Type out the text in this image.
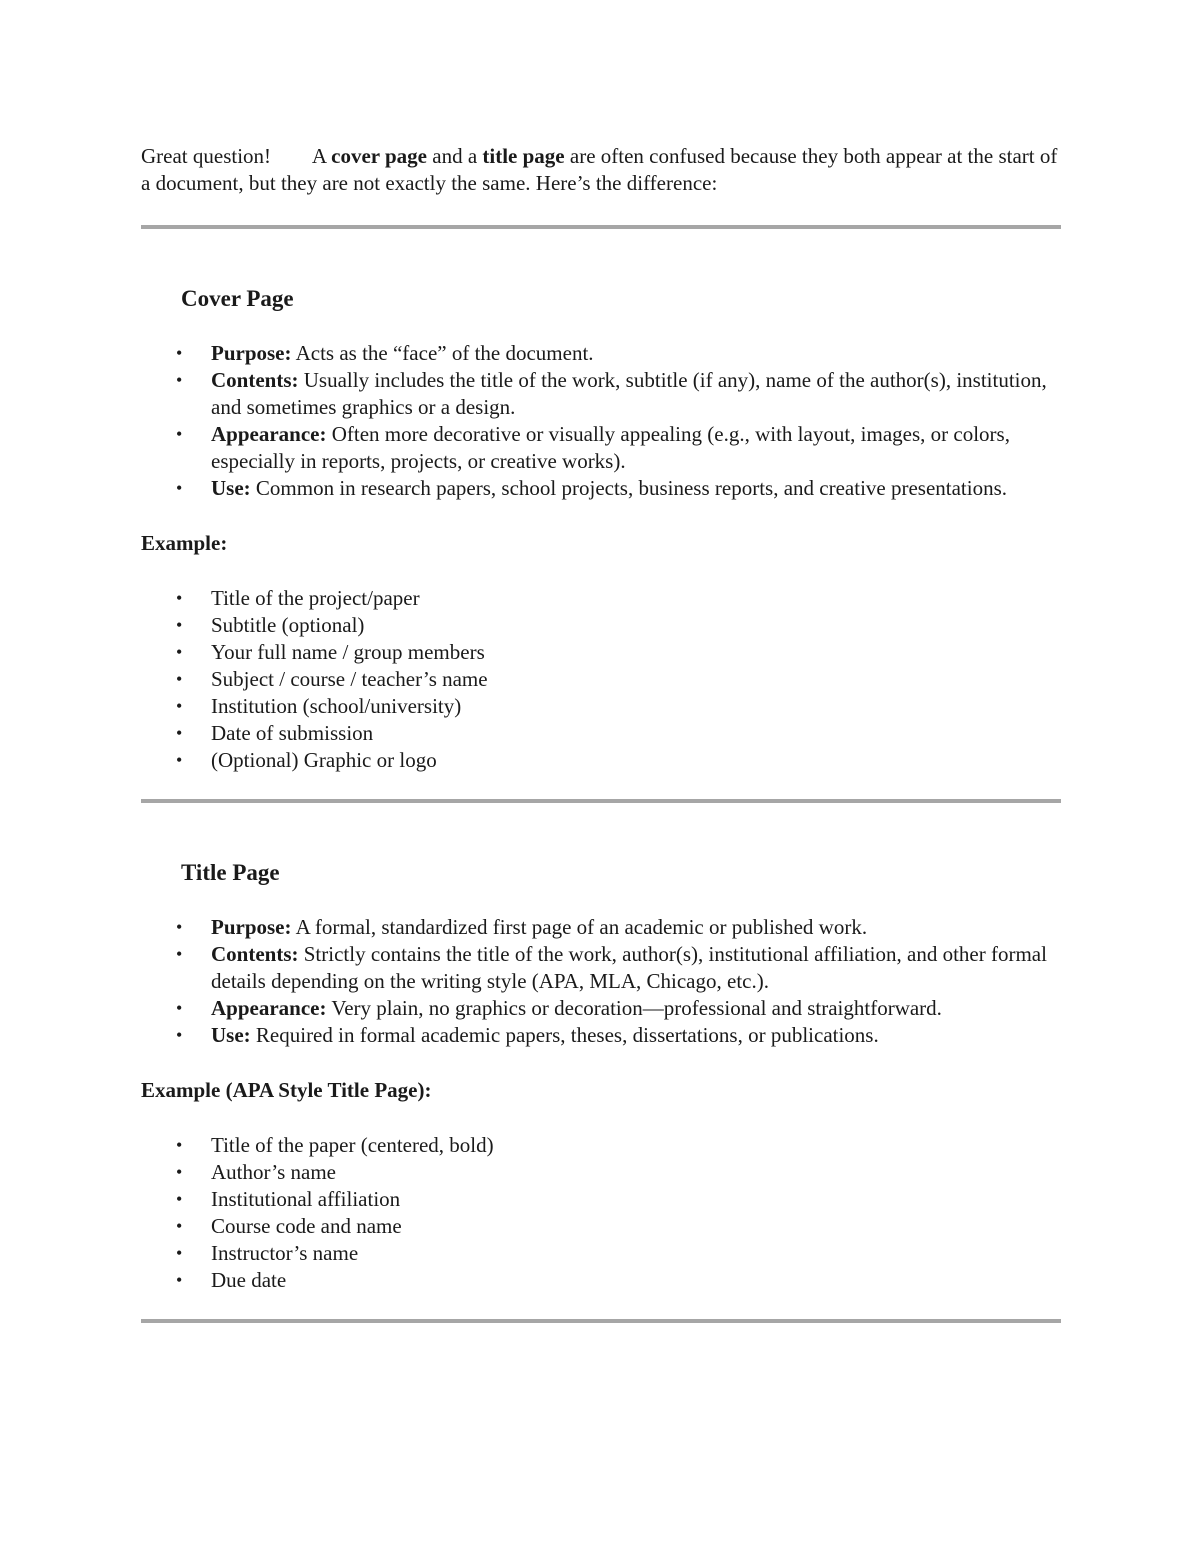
Great question! A cover page and a title page are often confused because they both appear at the start of a document, but they are not exactly the same. Here’s the difference:

Cover Page
• Purpose: Acts as the “face” of the document.
• Contents: Usually includes the title of the work, subtitle (if any), name of the author(s), institution, and sometimes graphics or a design.
• Appearance: Often more decorative or visually appealing (e.g., with layout, images, or colors, especially in reports, projects, or creative works).
• Use: Common in research papers, school projects, business reports, and creative presentations.

Example:

• Title of the project/paper
• Subtitle (optional)
• Your full name / group members
• Subject / course / teacher’s name
• Institution (school/university)
• Date of submission
• (Optional) Graphic or logo
Title Page
• Purpose: A formal, standardized first page of an academic or published work.
• Contents: Strictly contains the title of the work, author(s), institutional affiliation, and other formal details depending on the writing style (APA, MLA, Chicago, etc.).
• Appearance: Very plain, no graphics or decoration—professional and straightforward.
• Use: Required in formal academic papers, theses, dissertations, or publications.

Example (APA Style Title Page):

• Title of the paper (centered, bold)
• Author’s name
• Institutional affiliation
• Course code and name
• Instructor’s name
• Due date
